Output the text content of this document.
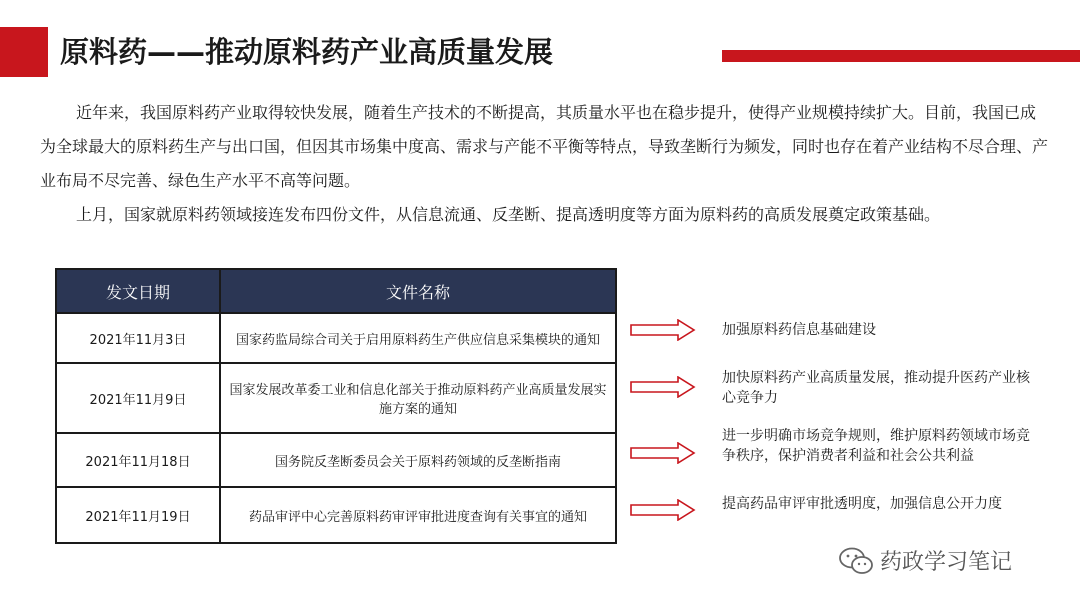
原料药——推动原料药产业高质量发展

近年来，我国原料药产业取得较快发展，随着生产技术的不断提高，其质量水平也在稳步提升，使得产业规模持续扩大。目前，我国已成为全球最大的原料药生产与出口国，但因其市场集中度高、需求与产能不平衡等特点，导致垄断行为频发，同时也存在着产业结构不尽合理、产业布局不尽完善、绿色生产水平不高等问题。

上月，国家就原料药领域接连发布四份文件，从信息流通、反垄断、提高透明度等方面为原料药的高质发展奠定政策基础。

发文日期	文件名称
2021年11月3日	国家药监局综合司关于启用原料药生产供应信息采集模块的通知
2021年11月9日	国家发展改革委工业和信息化部关于推动原料药产业高质量发展实施方案的通知
2021年11月18日	国务院反垄断委员会关于原料药领域的反垄断指南
2021年11月19日	药品审评中心完善原料药审评审批进度查询有关事宜的通知
加强原料药信息基础建设
加快原料药产业高质量发展，推动提升医药产业核心竞争力
进一步明确市场竞争规则，维护原料药领域市场竞争秩序，保护消费者利益和社会公共利益
提高药品审评审批透明度，加强信息公开力度
药政学习笔记
